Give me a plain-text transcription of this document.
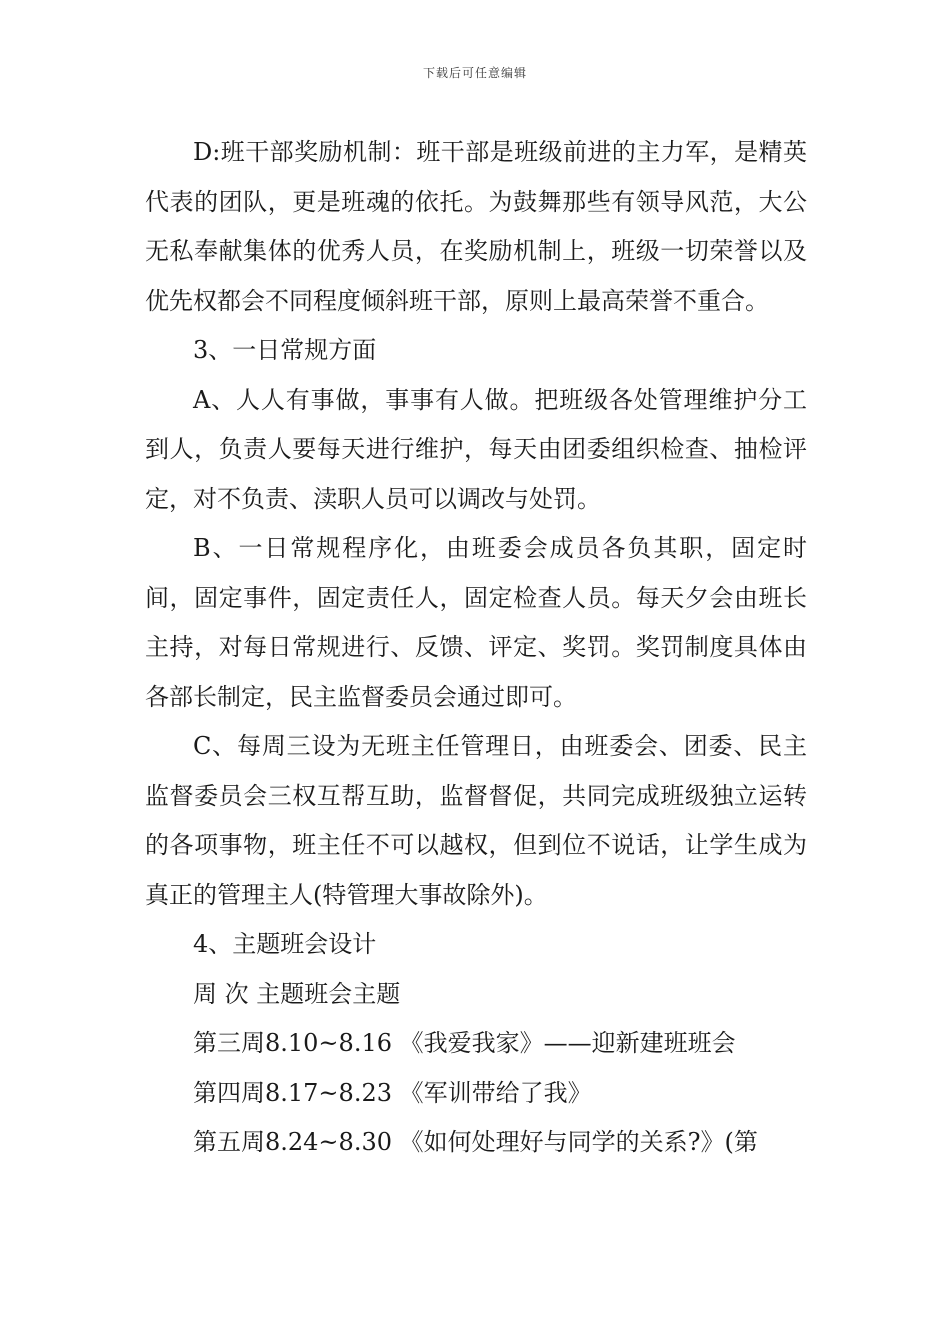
下载后可任意编辑

D:班干部奖励机制：班干部是班级前进的主力军，是精英代表的团队，更是班魂的依托。为鼓舞那些有领导风范，大公无私奉献集体的优秀人员，在奖励机制上，班级一切荣誉以及优先权都会不同程度倾斜班干部，原则上最高荣誉不重合。

3、一日常规方面

A、人人有事做，事事有人做。把班级各处管理维护分工到人，负责人要每天进行维护，每天由团委组织检查、抽检评定，对不负责、渎职人员可以调改与处罚。

B、一日常规程序化，由班委会成员各负其职，固定时间，固定事件，固定责任人，固定检查人员。每天夕会由班长主持，对每日常规进行、反馈、评定、奖罚。奖罚制度具体由各部长制定，民主监督委员会通过即可。

C、每周三设为无班主任管理日，由班委会、团委、民主监督委员会三权互帮互助，监督督促，共同完成班级独立运转的各项事物，班主任不可以越权，但到位不说话，让学生成为真正的管理主人(特管理大事故除外)。

4、主题班会设计

周 次 主题班会主题

第三周8.10~8.16 《我爱我家》——迎新建班班会

第四周8.17~8.23 《军训带给了我》

第五周8.24~8.30 《如何处理好与同学的关系?》(第
